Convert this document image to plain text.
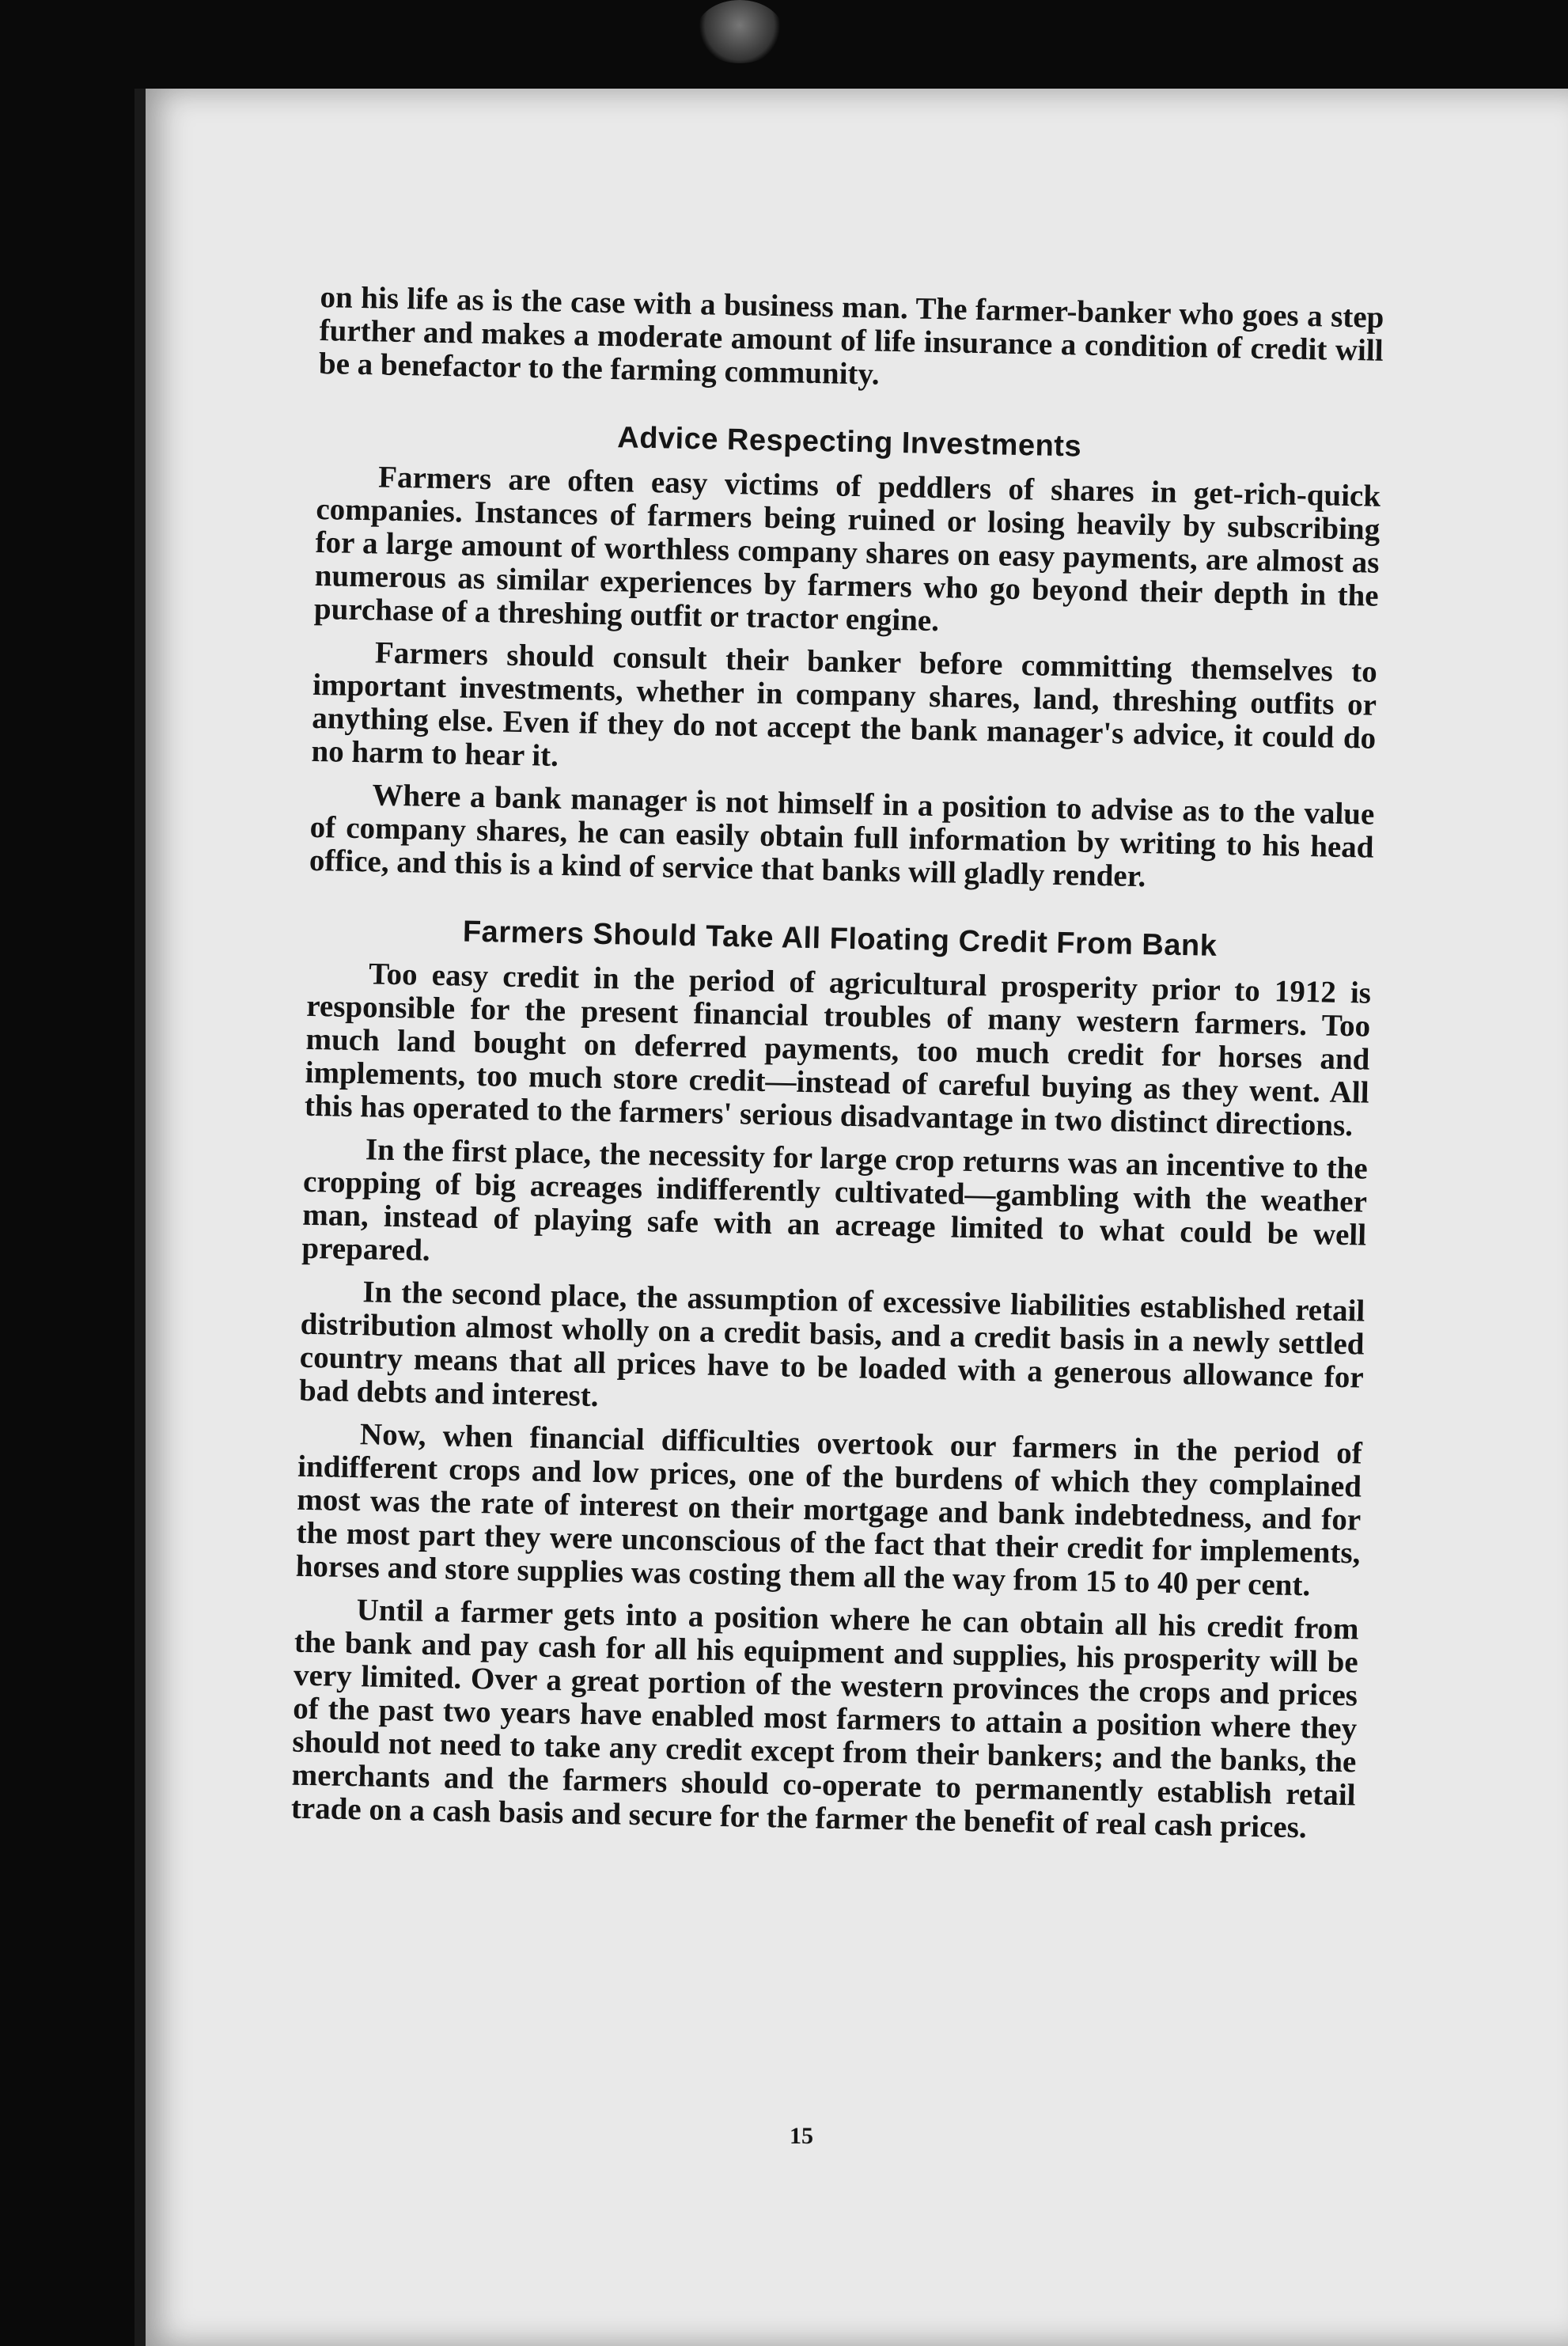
on his life as is the case with a business man. The farmer-banker who goes a step further and makes a moderate amount of life insurance a condition of credit will be a benefactor to the farming community.

Advice Respecting Investments

Farmers are often easy victims of peddlers of shares in get-rich-quick companies. Instances of farmers being ruined or losing heavily by subscribing for a large amount of worthless company shares on easy payments, are almost as numerous as similar experiences by farmers who go beyond their depth in the purchase of a threshing outfit or tractor engine.

Farmers should consult their banker before committing themselves to important investments, whether in company shares, land, threshing outfits or anything else. Even if they do not accept the bank manager's advice, it could do no harm to hear it.

Where a bank manager is not himself in a position to advise as to the value of company shares, he can easily obtain full information by writing to his head office, and this is a kind of service that banks will gladly render.

Farmers Should Take All Floating Credit From Bank

Too easy credit in the period of agricultural prosperity prior to 1912 is responsible for the present financial troubles of many western farmers. Too much land bought on deferred payments, too much credit for horses and implements, too much store credit—instead of careful buying as they went. All this has operated to the farmers' serious disadvantage in two distinct directions.

In the first place, the necessity for large crop returns was an incentive to the cropping of big acreages indifferently cultivated—gambling with the weather man, instead of playing safe with an acreage limited to what could be well prepared.

In the second place, the assumption of excessive liabilities established retail distribution almost wholly on a credit basis, and a credit basis in a newly settled country means that all prices have to be loaded with a generous allowance for bad debts and interest.

Now, when financial difficulties overtook our farmers in the period of indifferent crops and low prices, one of the burdens of which they complained most was the rate of interest on their mortgage and bank indebtedness, and for the most part they were unconscious of the fact that their credit for implements, horses and store supplies was costing them all the way from 15 to 40 per cent.

Until a farmer gets into a position where he can obtain all his credit from the bank and pay cash for all his equipment and supplies, his prosperity will be very limited. Over a great portion of the western provinces the crops and prices of the past two years have enabled most farmers to attain a position where they should not need to take any credit except from their bankers; and the banks, the merchants and the farmers should co-operate to permanently establish retail trade on a cash basis and secure for the farmer the benefit of real cash prices.

15
